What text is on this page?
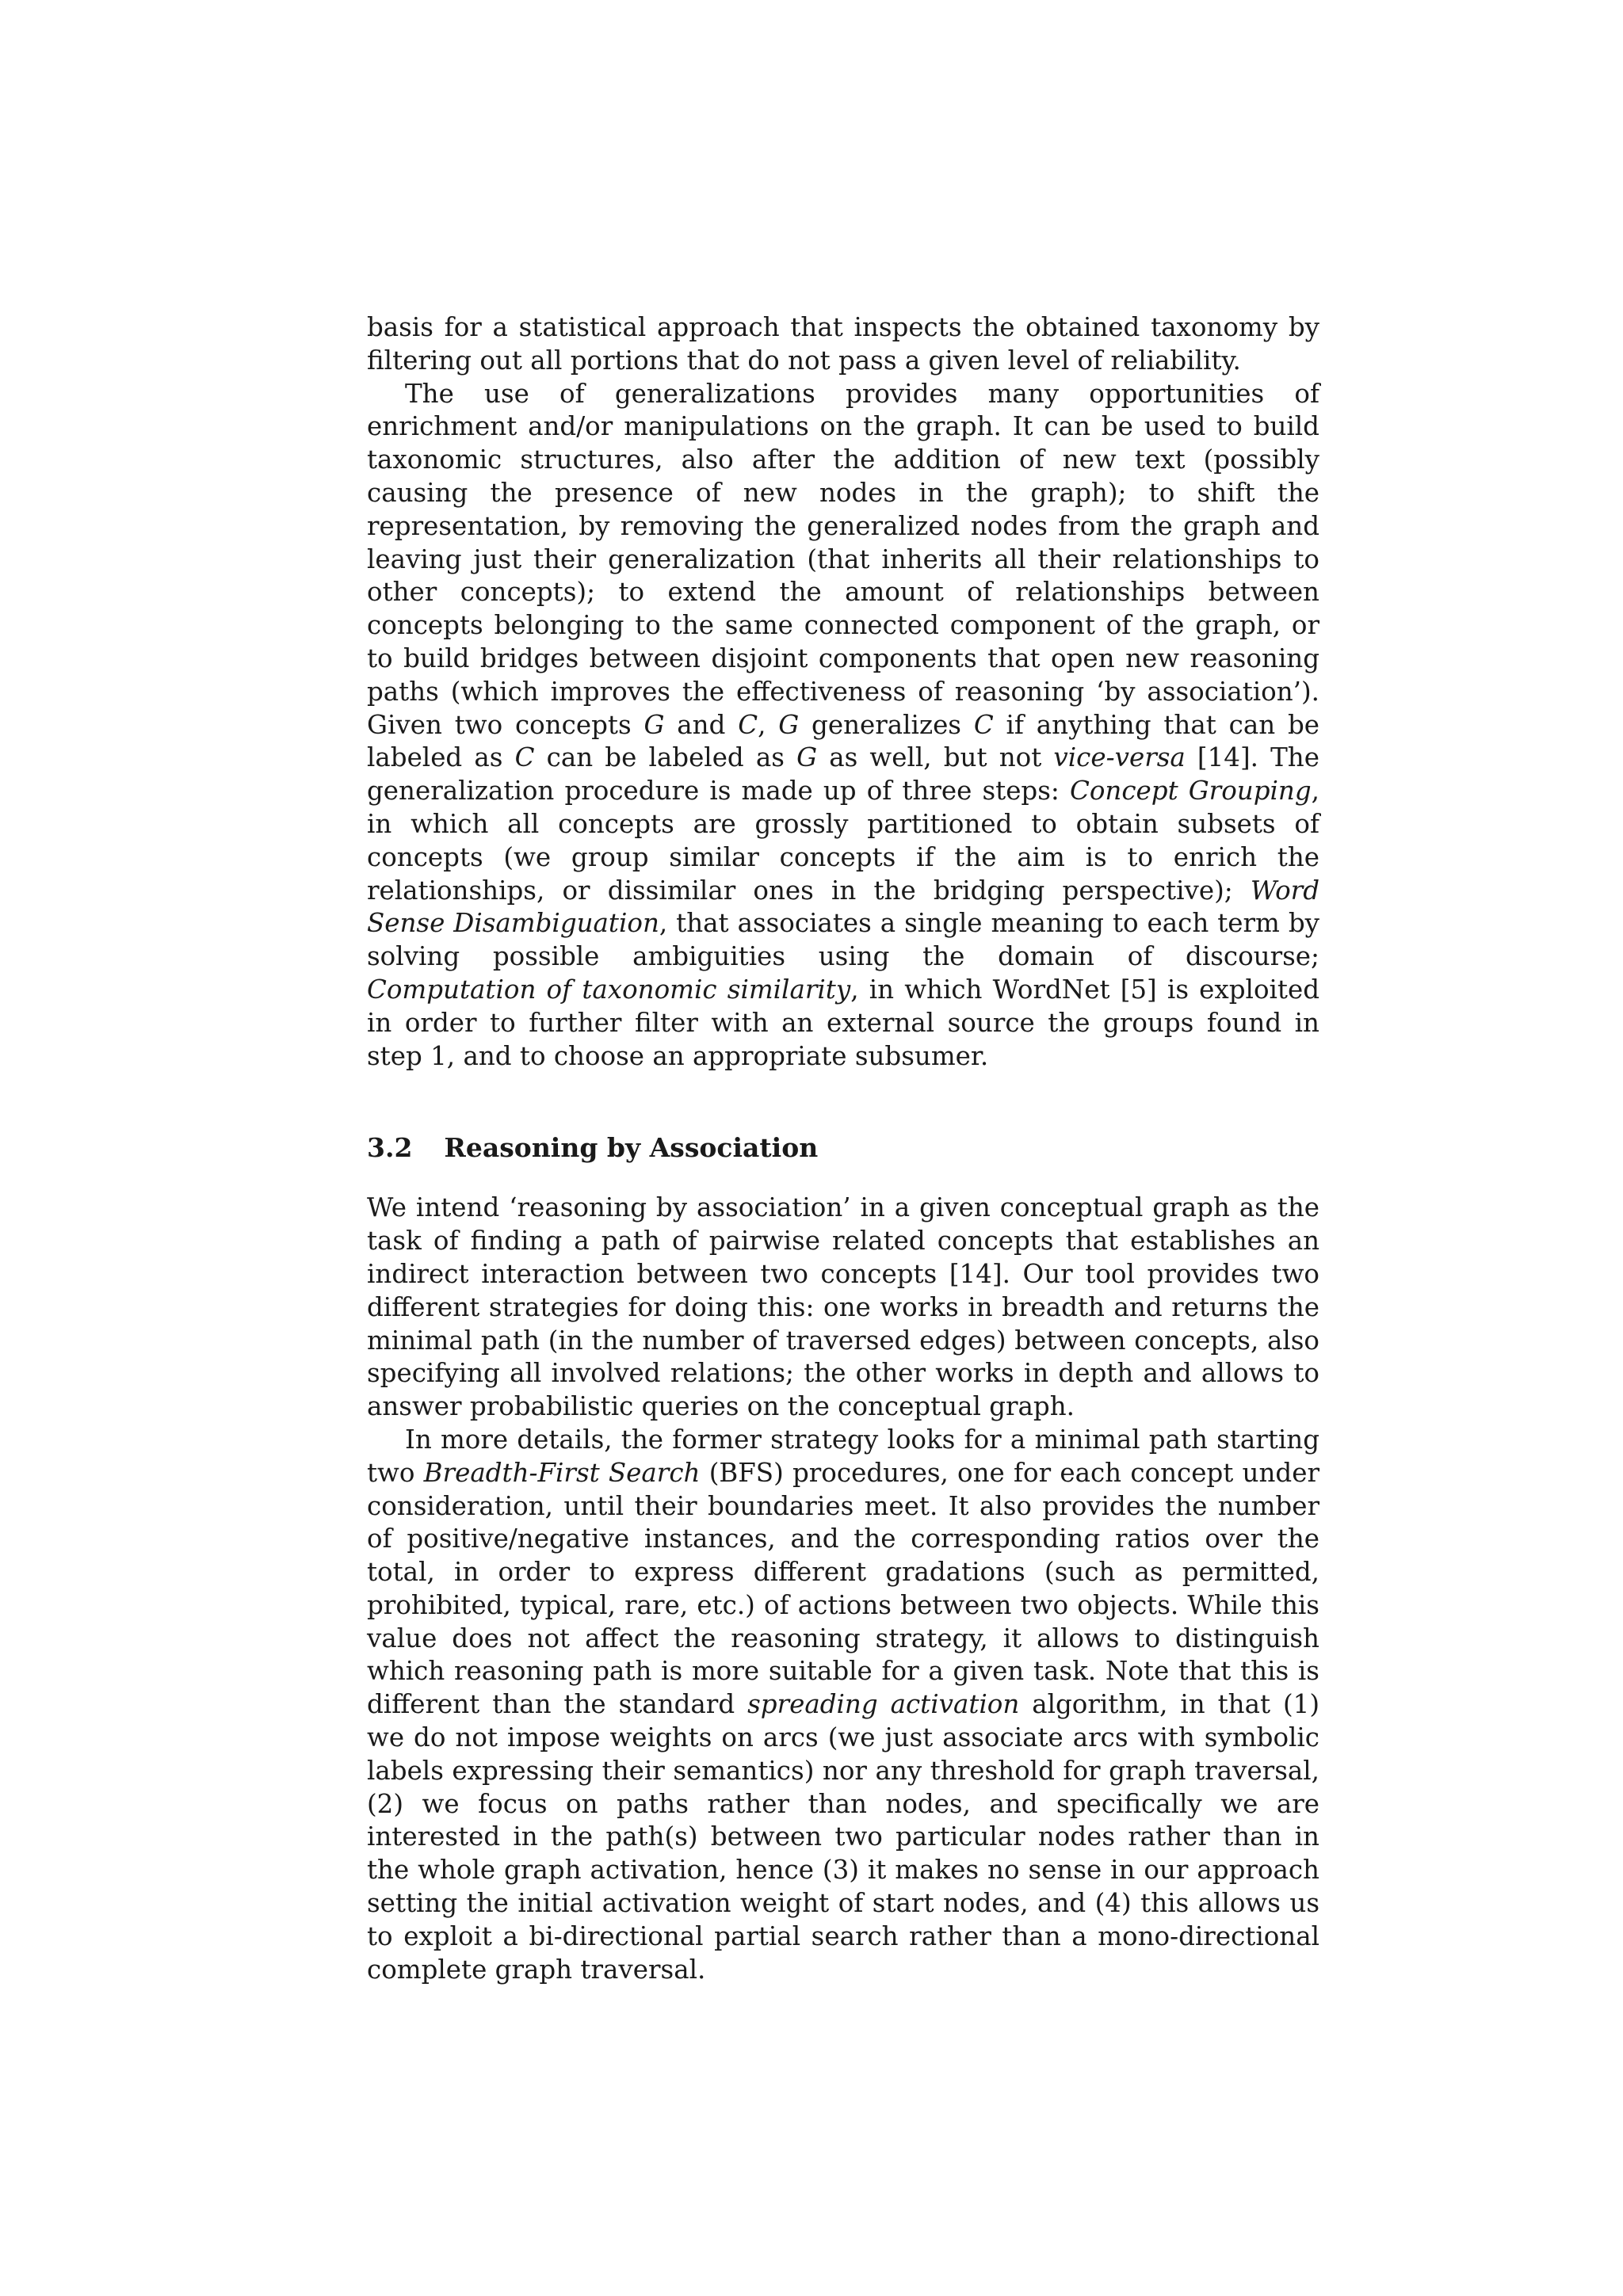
basis for a statistical approach that inspects the obtained taxonomy by filtering out all portions that do not pass a given level of reliability.

The use of generalizations provides many opportunities of enrichment and/or manipulations on the graph. It can be used to build taxonomic structures, also after the addition of new text (possibly causing the presence of new nodes in the graph); to shift the representation, by removing the generalized nodes from the graph and leaving just their generalization (that inherits all their relationships to other concepts); to extend the amount of relationships between concepts belonging to the same connected component of the graph, or to build bridges between disjoint components that open new reasoning paths (which improves the effectiveness of reasoning ‘by association’). Given two concepts G and C, G generalizes C if anything that can be labeled as C can be labeled as G as well, but not vice-versa [14]. The generalization procedure is made up of three steps: Concept Grouping, in which all concepts are grossly partitioned to obtain subsets of concepts (we group similar concepts if the aim is to enrich the relationships, or dissimilar ones in the bridging perspective); Word Sense Disambiguation, that associates a single meaning to each term by solving possible ambiguities using the domain of discourse; Computation of taxonomic similarity, in which WordNet [5] is exploited in order to further filter with an external source the groups found in step 1, and to choose an appropriate subsumer.

3.2 Reasoning by Association

We intend ‘reasoning by association’ in a given conceptual graph as the task of finding a path of pairwise related concepts that establishes an indirect interaction between two concepts [14]. Our tool provides two different strategies for doing this: one works in breadth and returns the minimal path (in the number of traversed edges) between concepts, also specifying all involved relations; the other works in depth and allows to answer probabilistic queries on the conceptual graph.

In more details, the former strategy looks for a minimal path starting two Breadth-First Search (BFS) procedures, one for each concept under consideration, until their boundaries meet. It also provides the number of positive/negative instances, and the corresponding ratios over the total, in order to express different gradations (such as permitted, prohibited, typical, rare, etc.) of actions between two objects. While this value does not affect the reasoning strategy, it allows to distinguish which reasoning path is more suitable for a given task. Note that this is different than the standard spreading activation algorithm, in that (1) we do not impose weights on arcs (we just associate arcs with symbolic labels expressing their semantics) nor any threshold for graph traversal, (2) we focus on paths rather than nodes, and specifically we are interested in the path(s) between two particular nodes rather than in the whole graph activation, hence (3) it makes no sense in our approach setting the initial activation weight of start nodes, and (4) this allows us to exploit a bi-directional partial search rather than a mono-directional complete graph traversal.
